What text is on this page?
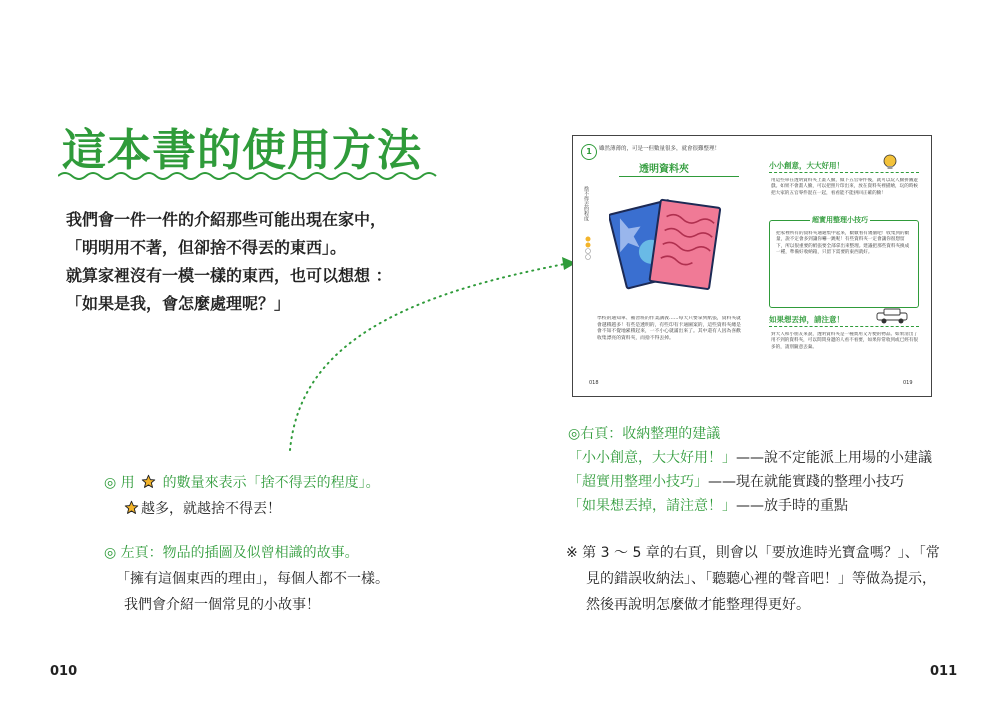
這本書的使用方法
我們會一件一件的介紹那些可能出現在家中，
「明明用不著，但卻捨不得丟的東西」。
就算家裡沒有一模一樣的東西，也可以想想 ：
「如果是我，會怎麼處理呢？」
◎ 用 的數量來表示「捨不得丟的程度」。
越多，就越捨不得丟！
◎ 左頁：物品的插圖及似曾相識的故事。
「擁有這個東西的理由」，每個人都不一樣。
我們會介紹一個常見的小故事！
1	雖然薄薄的，可是一但數量很多，就會很難整理！
透明資料夾
捨不得丟的程度
學校的通知單、補習班的作業講義……每天只要拿到紙張，資料夾就會越積越多！有些是透明的，有些印有卡通圖案的，這些資料夾總是會不知不覺地累積起來，一不小心就滿出來了。其中還有人因為喜歡收集漂亮的資料夾，而捨不得丟掉。
小小創意，大大好用！
用這些單在透明資料夾上畫人臉，做下五官零件後，就可以玩人臉拼圖遊戲。如果不會畫人臉，可以把照片印出來，放在資料夾裡描繪，玩的時候把大家的五官零件混在一起，看看能不能拼回正確的臉！
超實用整理小技巧
把家裡所有的資料夾通通集中起來，數數看有幾個吧！收集到的數量，說不定會多到讓你嚇一跳呢！有些資料夾一定會讓你很想留下，所以很重要的紙張要全部拿出來整理。建議把那些資料夾換成一種，準備好收納箱，只留下需要的東西就好。
如果想丟掉，請注意！
對大人和小朋友來說，透明資料夾是一種實用又方便的物品。如果清出了用不到的資料夾，可以問問身邊的人看不看要，如果你常收到或已經有很多的，請別隨意丟棄。
018	019
◎右頁：收納整理的建議
「小小創意，大大好用！」——說不定能派上用場的小建議
「超實用整理小技巧」——現在就能實踐的整理小技巧
「如果想丟掉，請注意！」——放手時的重點
※ 第 3 ～ 5 章的右頁，則會以「要放進時光寶盒嗎？」、「常
見的錯誤收納法」、「聽聽心裡的聲音吧！」等做為提示，
然後再說明怎麼做才能整理得更好。
010	011
